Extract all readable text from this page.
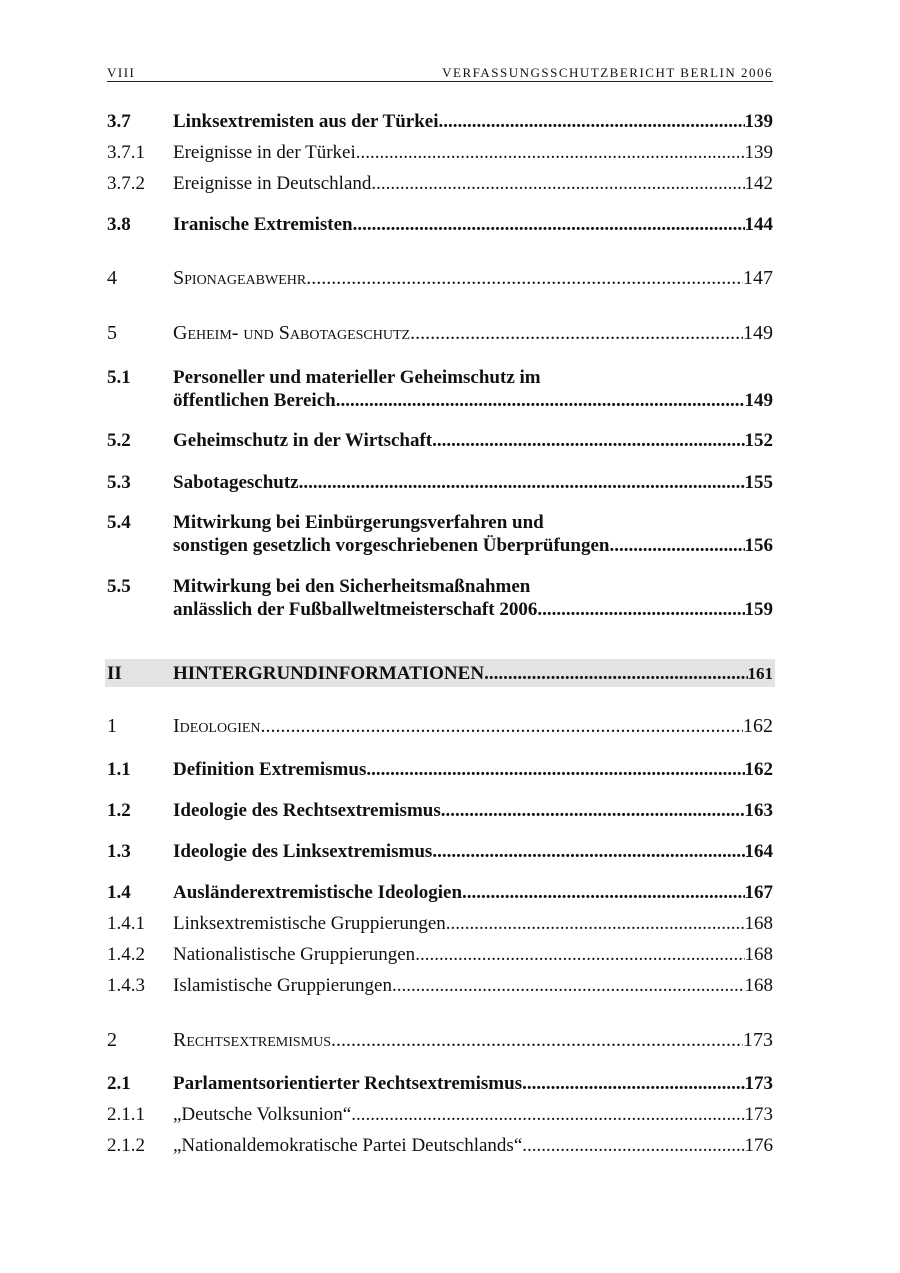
VIII	VERFASSUNGSSCHUTZBERICHT BERLIN 2006
3.7 Linksextremisten aus der Türkei .....	139
3.7.1 Ereignisse in der Türkei .....	139
3.7.2 Ereignisse in Deutschland .....	142
3.8 Iranische Extremisten .....	144
4	Spionageabwehr .....	147
5	Geheim- und Sabotageschutz .....	149
5.1 Personeller und materieller Geheimschutz im
öffentlichen Bereich .....	149
5.2 Geheimschutz in der Wirtschaft .....	152
5.3 Sabotageschutz .....	155
5.4 Mitwirkung bei Einbürgerungsverfahren und
sonstigen gesetzlich vorgeschriebenen Überprüfungen .....	156
5.5 Mitwirkung bei den Sicherheitsmaßnahmen
anlässlich der Fußballweltmeisterschaft 2006 .....	159
II	HINTERGRUNDINFORMATIONEN .....	161
1	Ideologien .....	162
1.1 Definition Extremismus .....	162
1.2 Ideologie des Rechtsextremismus .....	163
1.3 Ideologie des Linksextremismus .....	164
1.4 Ausländerextremistische Ideologien .....	167
1.4.1 Linksextremistische Gruppierungen .....	168
1.4.2 Nationalistische Gruppierungen .....	168
1.4.3 Islamistische Gruppierungen .....	168
2	Rechtsextremismus .....	173
2.1 Parlamentsorientierter Rechtsextremismus .....	173
2.1.1 „Deutsche Volksunion“ .....	173
2.1.2 „Nationaldemokratische Partei Deutschlands“ .....	176
